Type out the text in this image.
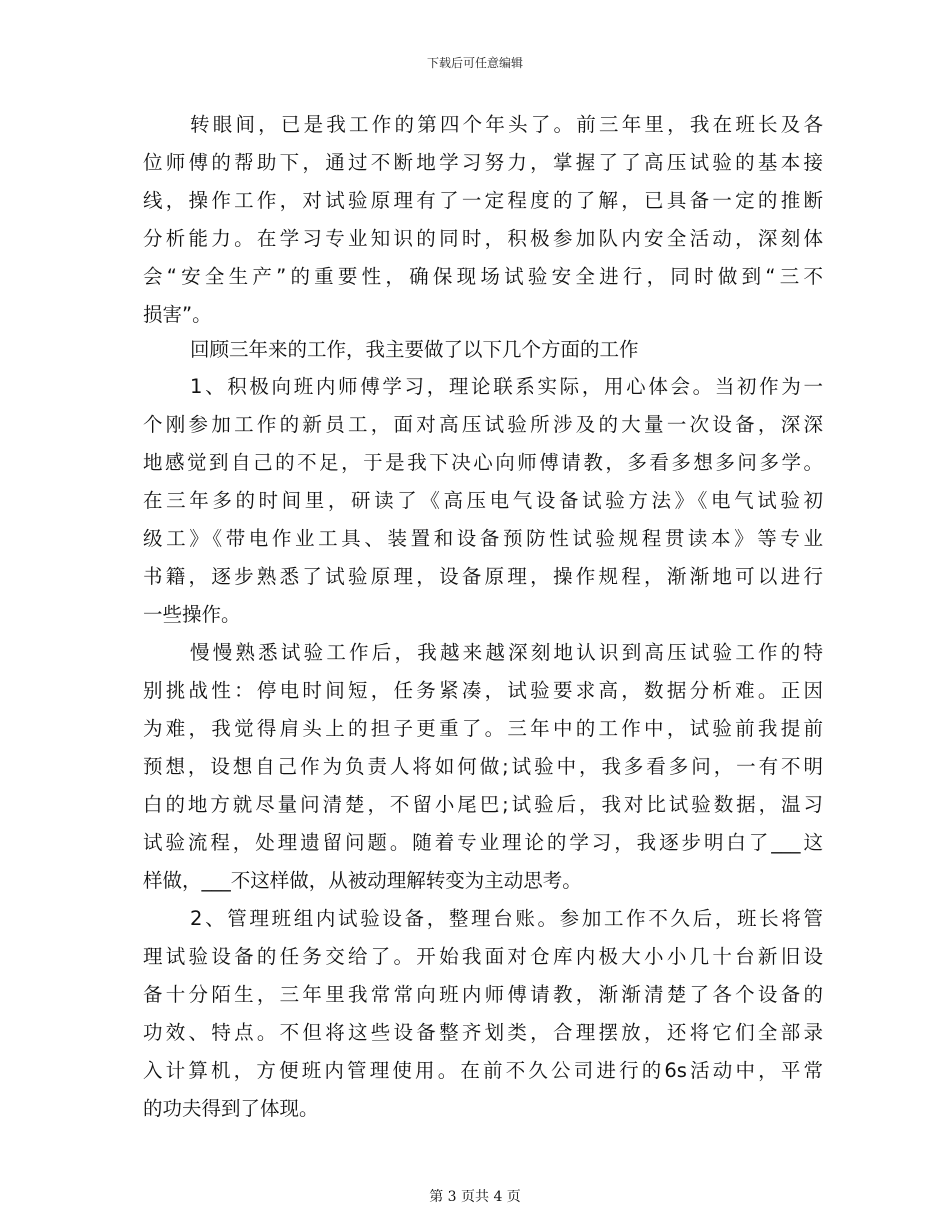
下载后可任意编辑
转眼间，已是我工作的第四个年头了。前三年里，我在班长及各
位师傅的帮助下，通过不断地学习努力，掌握了了高压试验的基本接
线，操作工作，对试验原理有了一定程度的了解，已具备一定的推断
分析能力。在学习专业知识的同时，积极参加队内安全活动，深刻体
会“安全生产”的重要性，确保现场试验安全进行，同时做到“三不
损害”。
回顾三年来的工作，我主要做了以下几个方面的工作
1、积极向班内师傅学习，理论联系实际，用心体会。当初作为一
个刚参加工作的新员工，面对高压试验所涉及的大量一次设备，深深
地感觉到自己的不足，于是我下决心向师傅请教，多看多想多问多学。
在三年多的时间里，研读了《高压电气设备试验方法》《电气试验初
级工》《带电作业工具、装置和设备预防性试验规程贯读本》等专业
书籍，逐步熟悉了试验原理，设备原理，操作规程，渐渐地可以进行
一些操作。
慢慢熟悉试验工作后，我越来越深刻地认识到高压试验工作的特
别挑战性：停电时间短，任务紧凑，试验要求高，数据分析难。正因
为难，我觉得肩头上的担子更重了。三年中的工作中，试验前我提前
预想，设想自己作为负责人将如何做;试验中，我多看多问，一有不明
白的地方就尽量问清楚，不留小尾巴;试验后，我对比试验数据，温习
试验流程，处理遗留问题。随着专业理论的学习，我逐步明白了___这
样做，___不这样做，从被动理解转变为主动思考。
2、管理班组内试验设备，整理台账。参加工作不久后，班长将管
理试验设备的任务交给了。开始我面对仓库内极大小小几十台新旧设
备十分陌生，三年里我常常向班内师傅请教，渐渐清楚了各个设备的
功效、特点。不但将这些设备整齐划类，合理摆放，还将它们全部录
入计算机，方便班内管理使用。在前不久公司进行的6s活动中，平常
的功夫得到了体现。
第 3 页共 4 页
